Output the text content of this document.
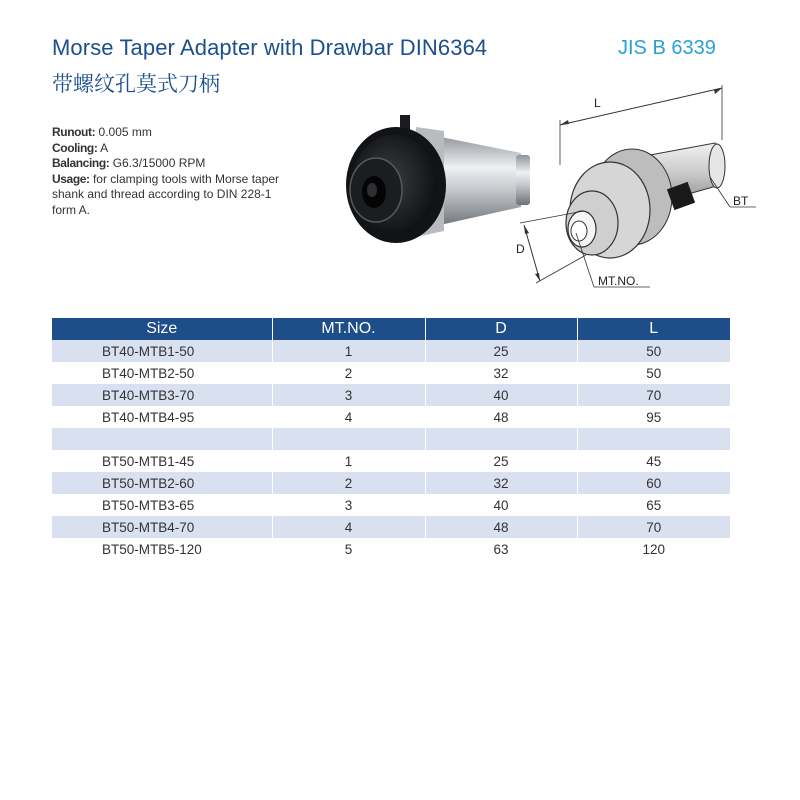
Morse Taper Adapter with Drawbar DIN6364
带螺纹孔莫式刀柄
JIS B 6339
Runout: 0.005 mm
Cooling: A
Balancing: G6.3/15000 RPM
Usage: for clamping tools with Morse taper shank and thread according to DIN 228-1 form A.
L
D
BT
MT.NO.
Size	MT.NO.	D	L
BT40-MTB1-50	1	25	50
BT40-MTB2-50	2	32	50
BT40-MTB3-70	3	40	70
BT40-MTB4-95	4	48	95

BT50-MTB1-45	1	25	45
BT50-MTB2-60	2	32	60
BT50-MTB3-65	3	40	65
BT50-MTB4-70	4	48	70
BT50-MTB5-120	5	63	120
